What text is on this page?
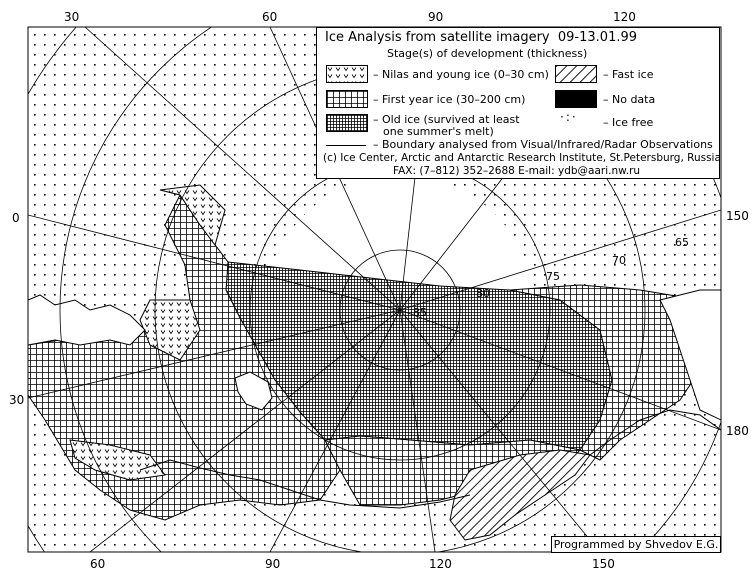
30	60	90	120
60	90	120	150
0
30
150
180
65
70
75
80
85
Ice Analysis from satellite imagery 09-13.01.99
Stage(s) of development (thickness)
– Nilas and young ice (0–30 cm)	– Fast ice
– First year ice (30–200 cm)	– No data
– Old ice (survived at least
one summer's melt)
·:· – Ice free
– Boundary analysed from Visual/Infrared/Radar Observations
(c) Ice Center, Arctic and Antarctic Research Institute, St.Petersburg, Russia
FAX: (7–812) 352–2688 E-mail: ydb@aari.nw.ru
Programmed by Shvedov E.G.
